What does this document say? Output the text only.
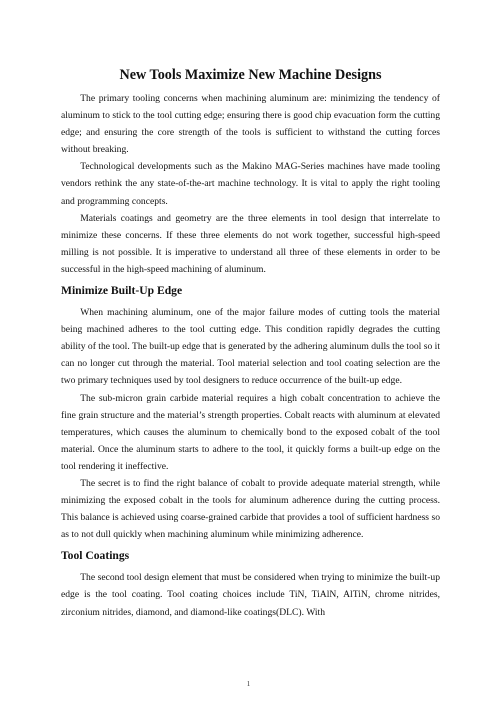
New Tools Maximize New Machine Designs

The primary tooling concerns when machining aluminum are: minimizing the tendency of aluminum to stick to the tool cutting edge; ensuring there is good chip evacuation form the cutting edge; and ensuring the core strength of the tools is sufficient to withstand the cutting forces without breaking.

Technological developments such as the Makino MAG-Series machines have made tooling vendors rethink the any state-of-the-art machine technology. It is vital to apply the right tooling and programming concepts.

Materials coatings and geometry are the three elements in tool design that interrelate to minimize these concerns. If these three elements do not work together, successful high-speed milling is not possible. It is imperative to understand all three of these elements in order to be successful in the high-speed machining of aluminum.

Minimize Built-Up Edge

When machining aluminum, one of the major failure modes of cutting tools the material being machined adheres to the tool cutting edge. This condition rapidly degrades the cutting ability of the tool. The built-up edge that is generated by the adhering aluminum dulls the tool so it can no longer cut through the material. Tool material selection and tool coating selection are the two primary techniques used by tool designers to reduce occurrence of the built-up edge.

The sub-micron grain carbide material requires a high cobalt concentration to achieve the fine grain structure and the material’s strength properties. Cobalt reacts with aluminum at elevated temperatures, which causes the aluminum to chemically bond to the exposed cobalt of the tool material. Once the aluminum starts to adhere to the tool, it quickly forms a built-up edge on the tool rendering it ineffective.

The secret is to find the right balance of cobalt to provide adequate material strength, while minimizing the exposed cobalt in the tools for aluminum adherence during the cutting process. This balance is achieved using coarse-grained carbide that provides a tool of sufficient hardness so as to not dull quickly when machining aluminum while minimizing adherence.

Tool Coatings

The second tool design element that must be considered when trying to minimize the built-up edge is the tool coating. Tool coating choices include TiN, TiAlN, AlTiN, chrome nitrides, zirconium nitrides, diamond, and diamond-like coatings(DLC). With

1
